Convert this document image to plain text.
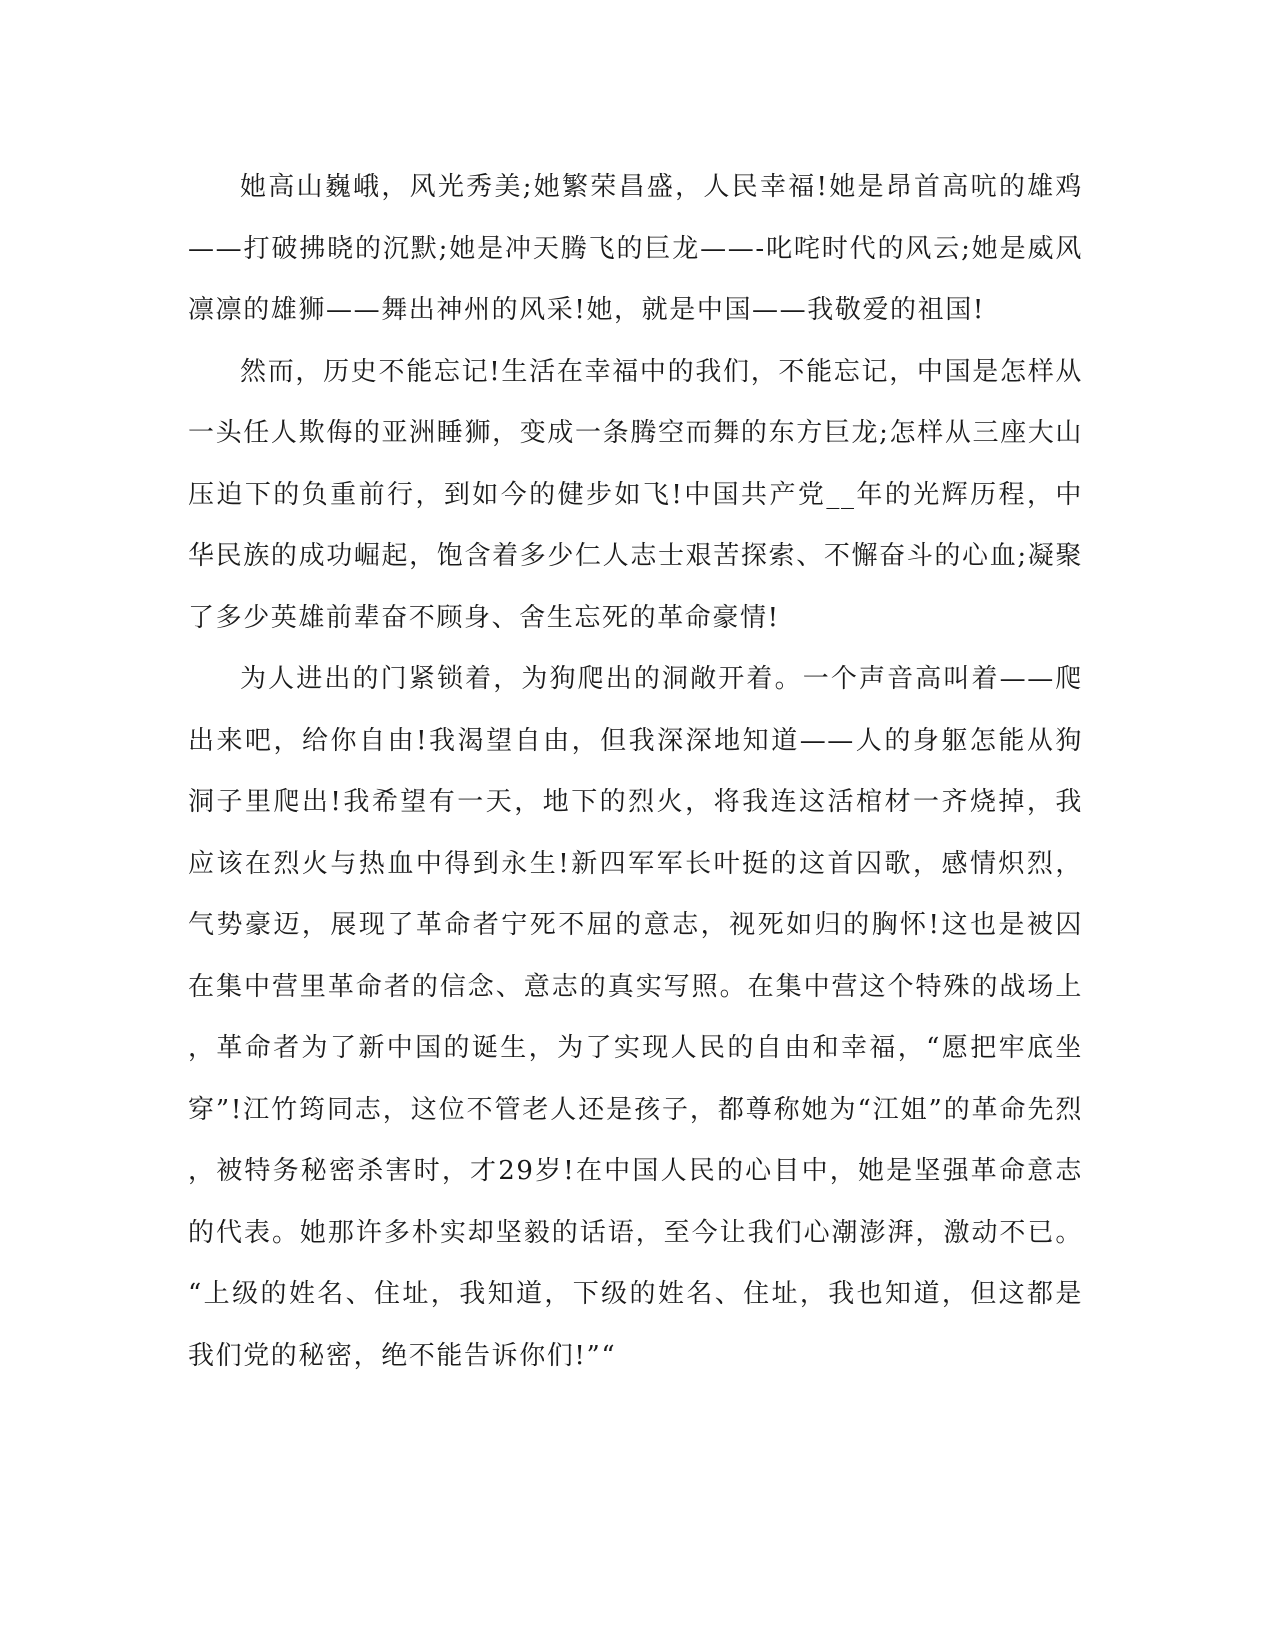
她高山巍峨，风光秀美;她繁荣昌盛，人民幸福!她是昂首高吭的雄鸡——打破拂晓的沉默;她是冲天腾飞的巨龙——-叱咤时代的风云;她是威风凛凛的雄狮——舞出神州的风采!她，就是中国——我敬爱的祖国!

然而，历史不能忘记!生活在幸福中的我们，不能忘记，中国是怎样从一头任人欺侮的亚洲睡狮，变成一条腾空而舞的东方巨龙;怎样从三座大山压迫下的负重前行，到如今的健步如飞!中国共产党__年的光辉历程，中华民族的成功崛起，饱含着多少仁人志士艰苦探索、不懈奋斗的心血;凝聚了多少英雄前辈奋不顾身、舍生忘死的革命豪情!

为人进出的门紧锁着，为狗爬出的洞敞开着。一个声音高叫着——爬出来吧，给你自由!我渴望自由，但我深深地知道——人的身躯怎能从狗洞子里爬出!我希望有一天，地下的烈火，将我连这活棺材一齐烧掉，我应该在烈火与热血中得到永生!新四军军长叶挺的这首囚歌，感情炽烈，气势豪迈，展现了革命者宁死不屈的意志，视死如归的胸怀!这也是被囚在集中营里革命者的信念、意志的真实写照。在集中营这个特殊的战场上，革命者为了新中国的诞生，为了实现人民的自由和幸福，“愿把牢底坐穿”!江竹筠同志，这位不管老人还是孩子，都尊称她为“江姐”的革命先烈，被特务秘密杀害时，才29岁!在中国人民的心目中，她是坚强革命意志的代表。她那许多朴实却坚毅的话语，至今让我们心潮澎湃，激动不已。“上级的姓名、住址，我知道，下级的姓名、住址，我也知道，但这都是我们党的秘密，绝不能告诉你们!”“
